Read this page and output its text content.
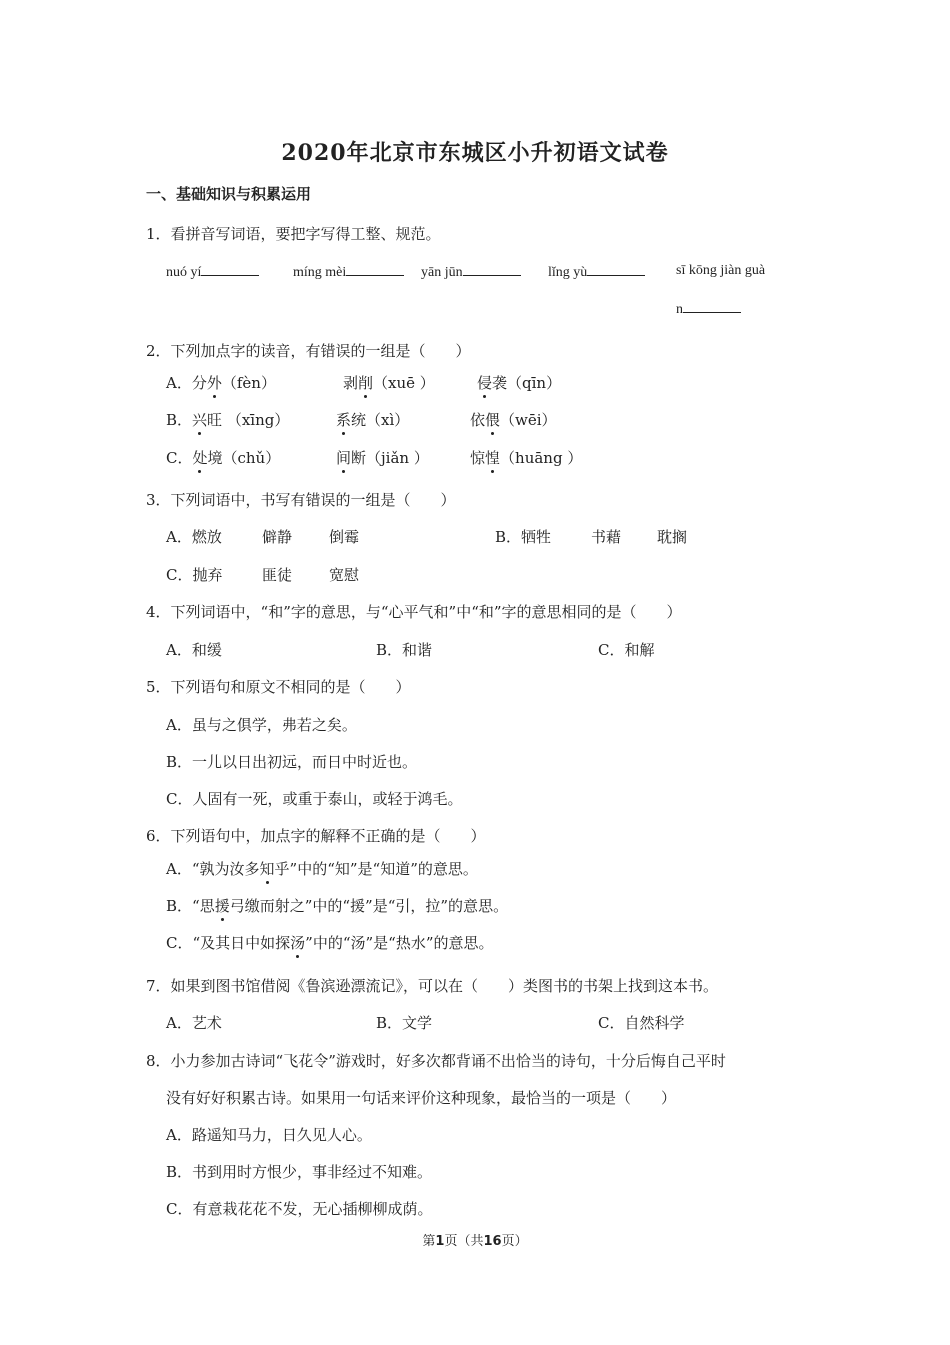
2020年北京市东城区小升初语文试卷
一、基础知识与积累运用
1．看拼音写词语，要把字写得工整、规范。
nuó yí	míng mèi	yān jūn	lǐng yù	sī kōng jiàn guà
n
2．下列加点字的读音，有错误的一组是（　　）
A．分外（fèn）	剥削（xuē ）	侵袭（qīn）
B．兴旺 （xīng）	系统（xì）	依偎（wēi）
C．处境（chǔ）	间断（jiǎn ）	惊惶（huāng ）
3．下列词语中，书写有错误的一组是（　　）
A．燃放	僻静 倒霉	B．牺牲	书藉 耽搁
C．抛弃	匪徒 宽慰
4．下列词语中，“和”字的意思，与“心平气和”中“和”字的意思相同的是（　　）
A．和缓	B．和谐	C．和解
5．下列语句和原文不相同的是（　　）
A．虽与之俱学，弗若之矣。
B．一儿以日出初远，而日中时近也。
C．人固有一死，或重于泰山，或轻于鸿毛。
6．下列语句中，加点字的解释不正确的是（　　）
A．“孰为汝多知乎”中的“知”是“知道”的意思。
B．“思援弓缴而射之”中的“援”是“引，拉”的意思。
C．“及其日中如探汤”中的“汤”是“热水”的意思。
7．如果到图书馆借阅《鲁滨逊漂流记》，可以在（　　）类图书的书架上找到这本书。
A．艺术	B．文学	C．自然科学
8．小力参加古诗词“飞花令”游戏时，好多次都背诵不出恰当的诗句，十分后悔自己平时
没有好好积累古诗。如果用一句话来评价这种现象，最恰当的一项是（　　）
A．路遥知马力，日久见人心。
B．书到用时方恨少，事非经过不知难。
C．有意栽花花不发，无心插柳柳成荫。
第1页（共16页）
